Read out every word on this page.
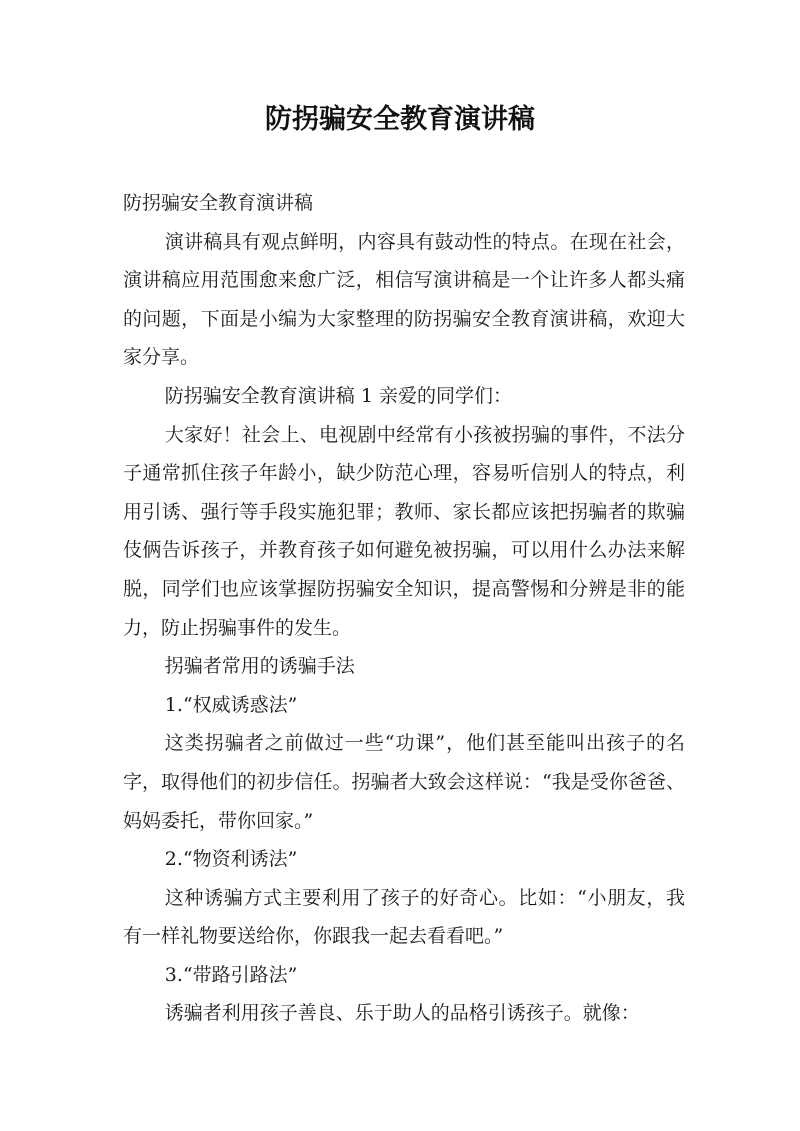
防拐骗安全教育演讲稿

防拐骗安全教育演讲稿

演讲稿具有观点鲜明，内容具有鼓动性的特点。在现在社会，演讲稿应用范围愈来愈广泛，相信写演讲稿是一个让许多人都头痛的问题，下面是小编为大家整理的防拐骗安全教育演讲稿，欢迎大家分享。

防拐骗安全教育演讲稿 1 亲爱的同学们：

大家好！社会上、电视剧中经常有小孩被拐骗的事件，不法分子通常抓住孩子年龄小，缺少防范心理，容易听信别人的特点，利用引诱、强行等手段实施犯罪；教师、家长都应该把拐骗者的欺骗伎俩告诉孩子，并教育孩子如何避免被拐骗，可以用什么办法来解脱，同学们也应该掌握防拐骗安全知识，提高警惕和分辨是非的能力，防止拐骗事件的发生。

拐骗者常用的诱骗手法

1.“权威诱惑法”

这类拐骗者之前做过一些“功课”，他们甚至能叫出孩子的名字，取得他们的初步信任。拐骗者大致会这样说：“我是受你爸爸、妈妈委托，带你回家。”

2.“物资利诱法”

这种诱骗方式主要利用了孩子的好奇心。比如：“小朋友，我有一样礼物要送给你，你跟我一起去看看吧。”

3.“带路引路法”

诱骗者利用孩子善良、乐于助人的品格引诱孩子。就像：
